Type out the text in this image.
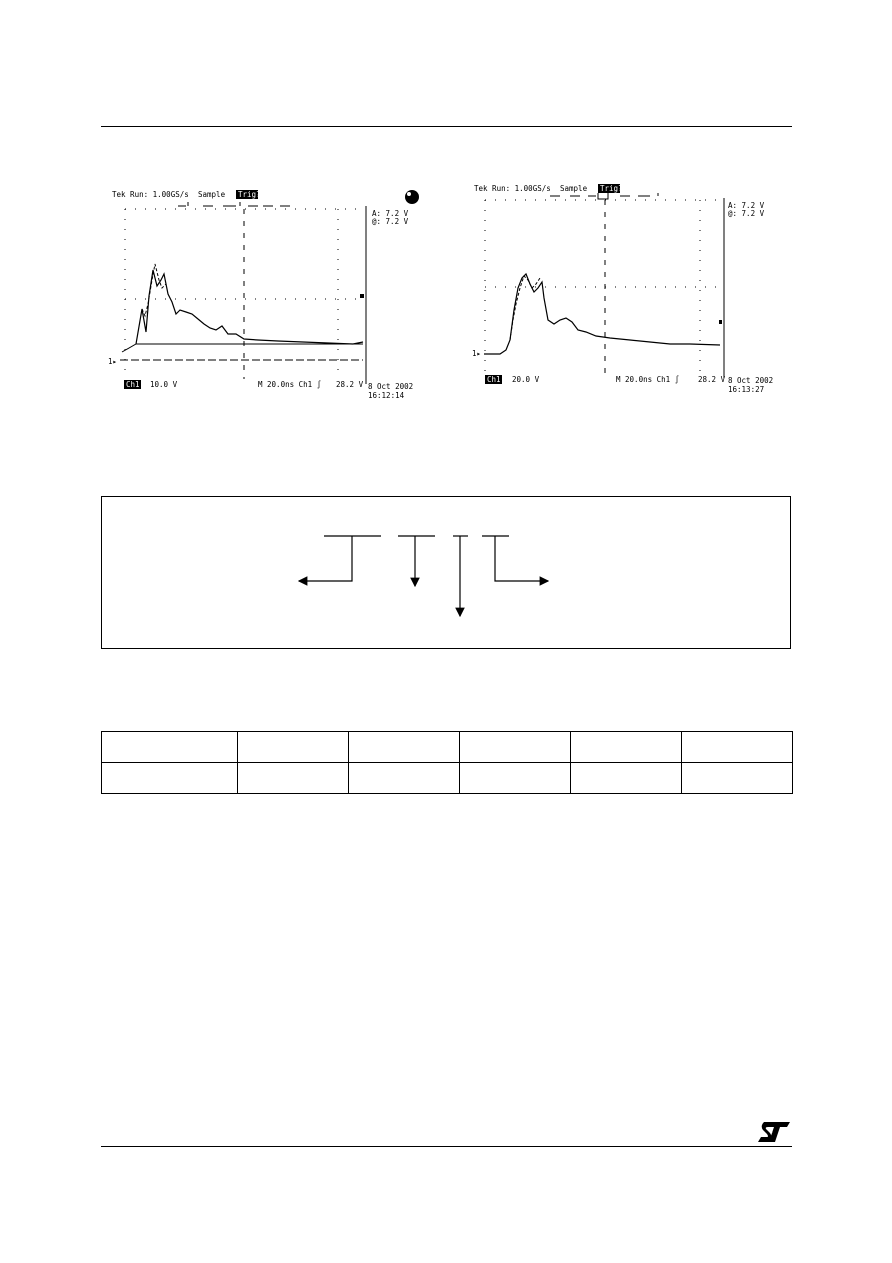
Tek Run: 1.00GS/s Sample Trig?
1▸
A: 7.2 V
@: 7.2 V
Ch1 10.0 V	M 20.0ns Ch1 ∫ 28.2 V 8 Oct 2002
16:12:14
Tek Run: 1.00GS/s Sample Trig?
1▸
A: 7.2 V
@: 7.2 V
Ch1 20.0 V	M 20.0ns Ch1 ∫	28.2 V 8 Oct 2002
16:13:27
